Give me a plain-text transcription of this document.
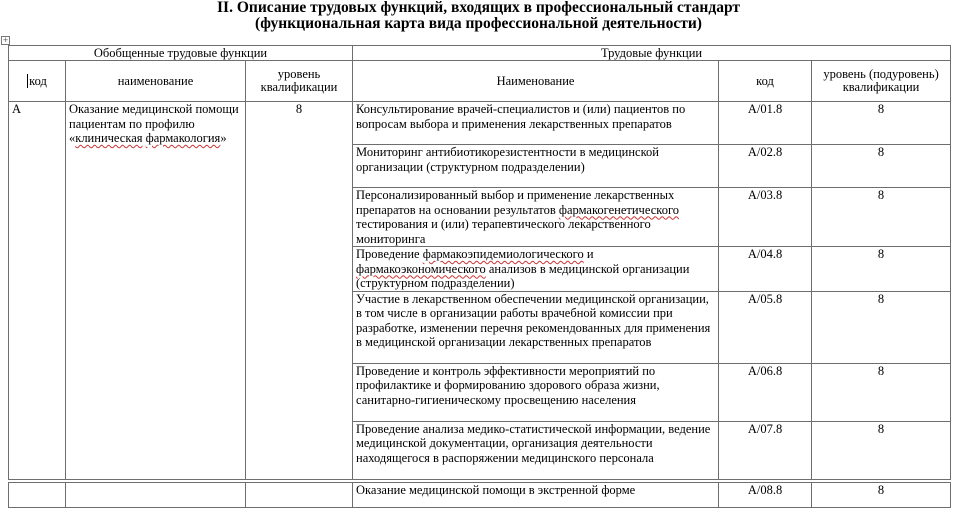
II. Описание трудовых функций, входящих в профессиональный стандарт
(функциональная карта вида профессиональной деятельности)
+
Обобщенные трудовые функции			Трудовые функции		
код	наименование	уровень квалификации	Наименование	код	уровень (подуровень) квалификации
А	Оказание медицинской помощи пациентам по профилю «клиническая фармакология»	8	Консультирование врачей-специалистов и (или) пациентов по вопросам выбора и применения лекарственных препаратов	A/01.8	8
			Мониторинг антибиотикорезистентности в медицинской организации (структурном подразделении)	A/02.8	8
			Персонализированный выбор и применение лекарственных препаратов на основании результатов фармакогенетического тестирования и (или) терапевтического лекарственного мониторинга	A/03.8	8
			Проведение фармакоэпидемиологического и фармакоэкономического анализов в медицинской организации (структурном подразделении)	A/04.8	8
			Участие в лекарственном обеспечении медицинской организации, в том числе в организации работы врачебной комиссии при разработке, изменении перечня рекомендованных для применения в медицинской организации лекарственных препаратов	A/05.8	8
			Проведение и контроль эффективности мероприятий по профилактике и формированию здорового образа жизни, санитарно-гигиеническому просвещению населения	A/06.8	8
			Проведение анализа медико-статистической информации, ведение медицинской документации, организация деятельности находящегося в распоряжении медицинского персонала	A/07.8	8

			Оказание медицинской помощи в экстренной форме	A/08.8	8
